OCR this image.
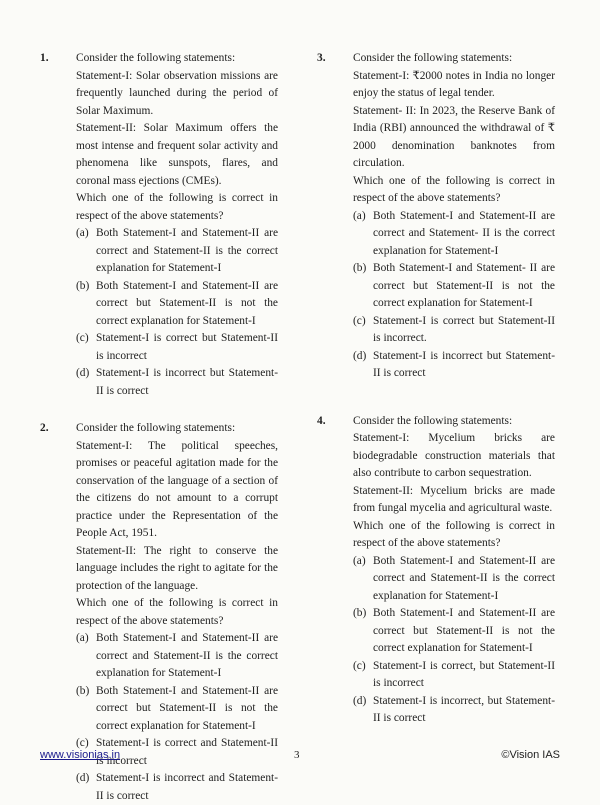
1. Consider the following statements:

Statement-I: Solar observation missions are frequently launched during the period of Solar Maximum.

Statement-II: Solar Maximum offers the most intense and frequent solar activity and phenomena like sunspots, flares, and coronal mass ejections (CMEs).

Which one of the following is correct in respect of the above statements?

(a) Both Statement-I and Statement-II are correct and Statement-II is the correct explanation for Statement-I
(b) Both Statement-I and Statement-II are correct but Statement-II is not the correct explanation for Statement-I
(c) Statement-I is correct but Statement-II is incorrect
(d) Statement-I is incorrect but Statement-II is correct
2. Consider the following statements:

Statement-I: The political speeches, promises or peaceful agitation made for the conservation of the language of a section of the citizens do not amount to a corrupt practice under the Representation of the People Act, 1951.

Statement-II: The right to conserve the language includes the right to agitate for the protection of the language.

Which one of the following is correct in respect of the above statements?

(a) Both Statement-I and Statement-II are correct and Statement-II is the correct explanation for Statement-I
(b) Both Statement-I and Statement-II are correct but Statement-II is not the correct explanation for Statement-I
(c) Statement-I is correct and Statement-II is incorrect
(d) Statement-I is incorrect and Statement-II is correct
3. Consider the following statements:

Statement-I: ₹2000 notes in India no longer enjoy the status of legal tender.

Statement- II: In 2023, the Reserve Bank of India (RBI) announced the withdrawal of ₹ 2000 denomination banknotes from circulation.

Which one of the following is correct in respect of the above statements?

(a) Both Statement-I and Statement-II are correct and Statement- II is the correct explanation for Statement-I
(b) Both Statement-I and Statement- II are correct but Statement-II is not the correct explanation for Statement-I
(c) Statement-I is correct but Statement-II is incorrect.
(d) Statement-I is incorrect but Statement-II is correct
4. Consider the following statements:

Statement-I: Mycelium bricks are biodegradable construction materials that also contribute to carbon sequestration.

Statement-II: Mycelium bricks are made from fungal mycelia and agricultural waste.

Which one of the following is correct in respect of the above statements?

(a) Both Statement-I and Statement-II are correct and Statement-II is the correct explanation for Statement-I
(b) Both Statement-I and Statement-II are correct but Statement-II is not the correct explanation for Statement-I
(c) Statement-I is correct, but Statement-II is incorrect
(d) Statement-I is incorrect, but Statement-II is correct
www.visionias.in	3	©Vision IAS
